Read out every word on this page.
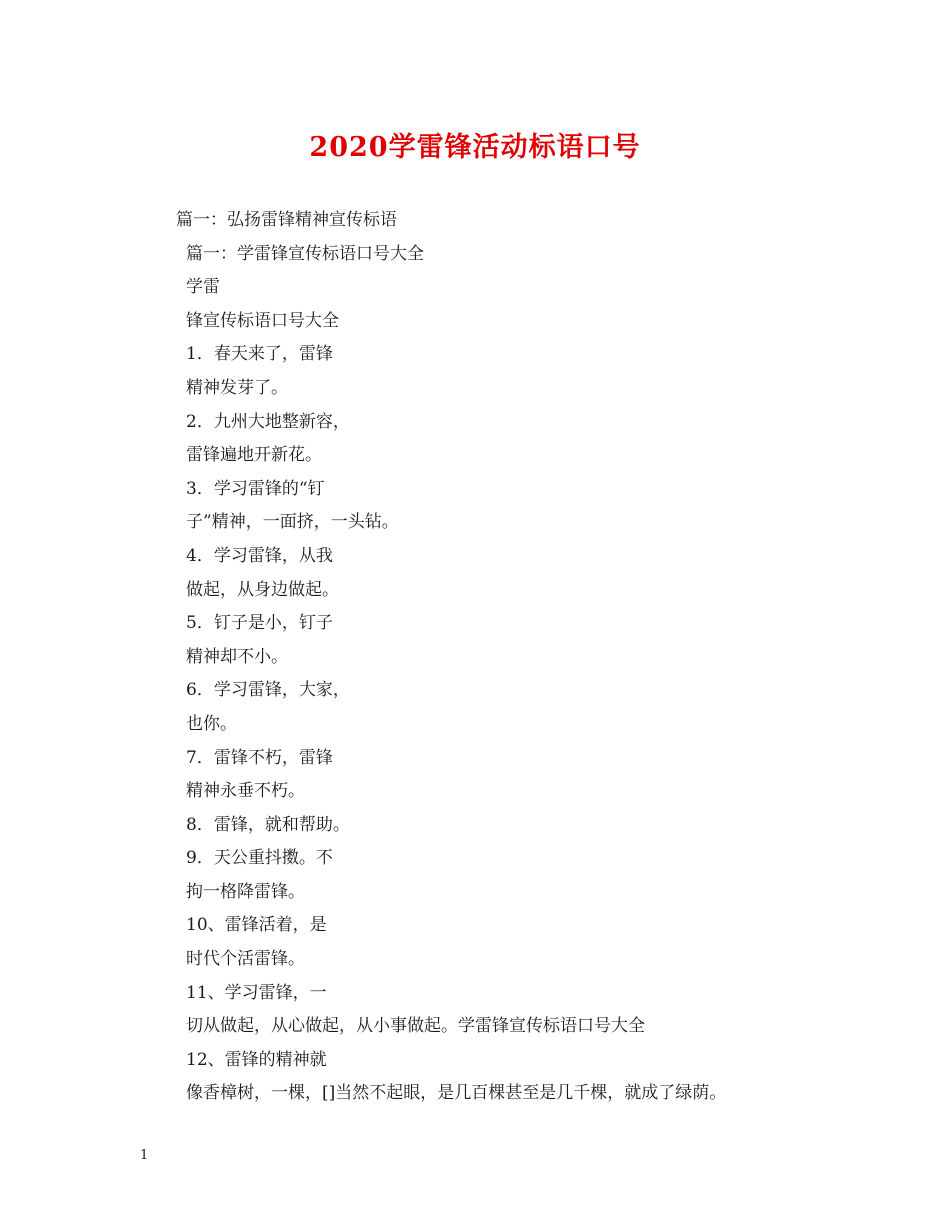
2020学雷锋活动标语口号
篇一：弘扬雷锋精神宣传标语
篇一：学雷锋宣传标语口号大全
学雷
锋宣传标语口号大全
1．春天来了，雷锋
精神发芽了。
2．九州大地整新容，
雷锋遍地开新花。
3．学习雷锋的“钉
子”精神，一面挤，一头钻。
4．学习雷锋，从我
做起，从身边做起。
5．钉子是小，钉子
精神却不小。
6．学习雷锋，大家，
也你。
7．雷锋不朽，雷锋
精神永垂不朽。
8．雷锋，就和帮助。
9．天公重抖擞。不
拘一格降雷锋。
10、雷锋活着，是
时代个活雷锋。
11、学习雷锋，一
切从做起，从心做起，从小事做起。学雷锋宣传标语口号大全
12、雷锋的精神就
像香樟树，一棵，[]当然不起眼，是几百棵甚至是几千棵，就成了绿荫。
1
